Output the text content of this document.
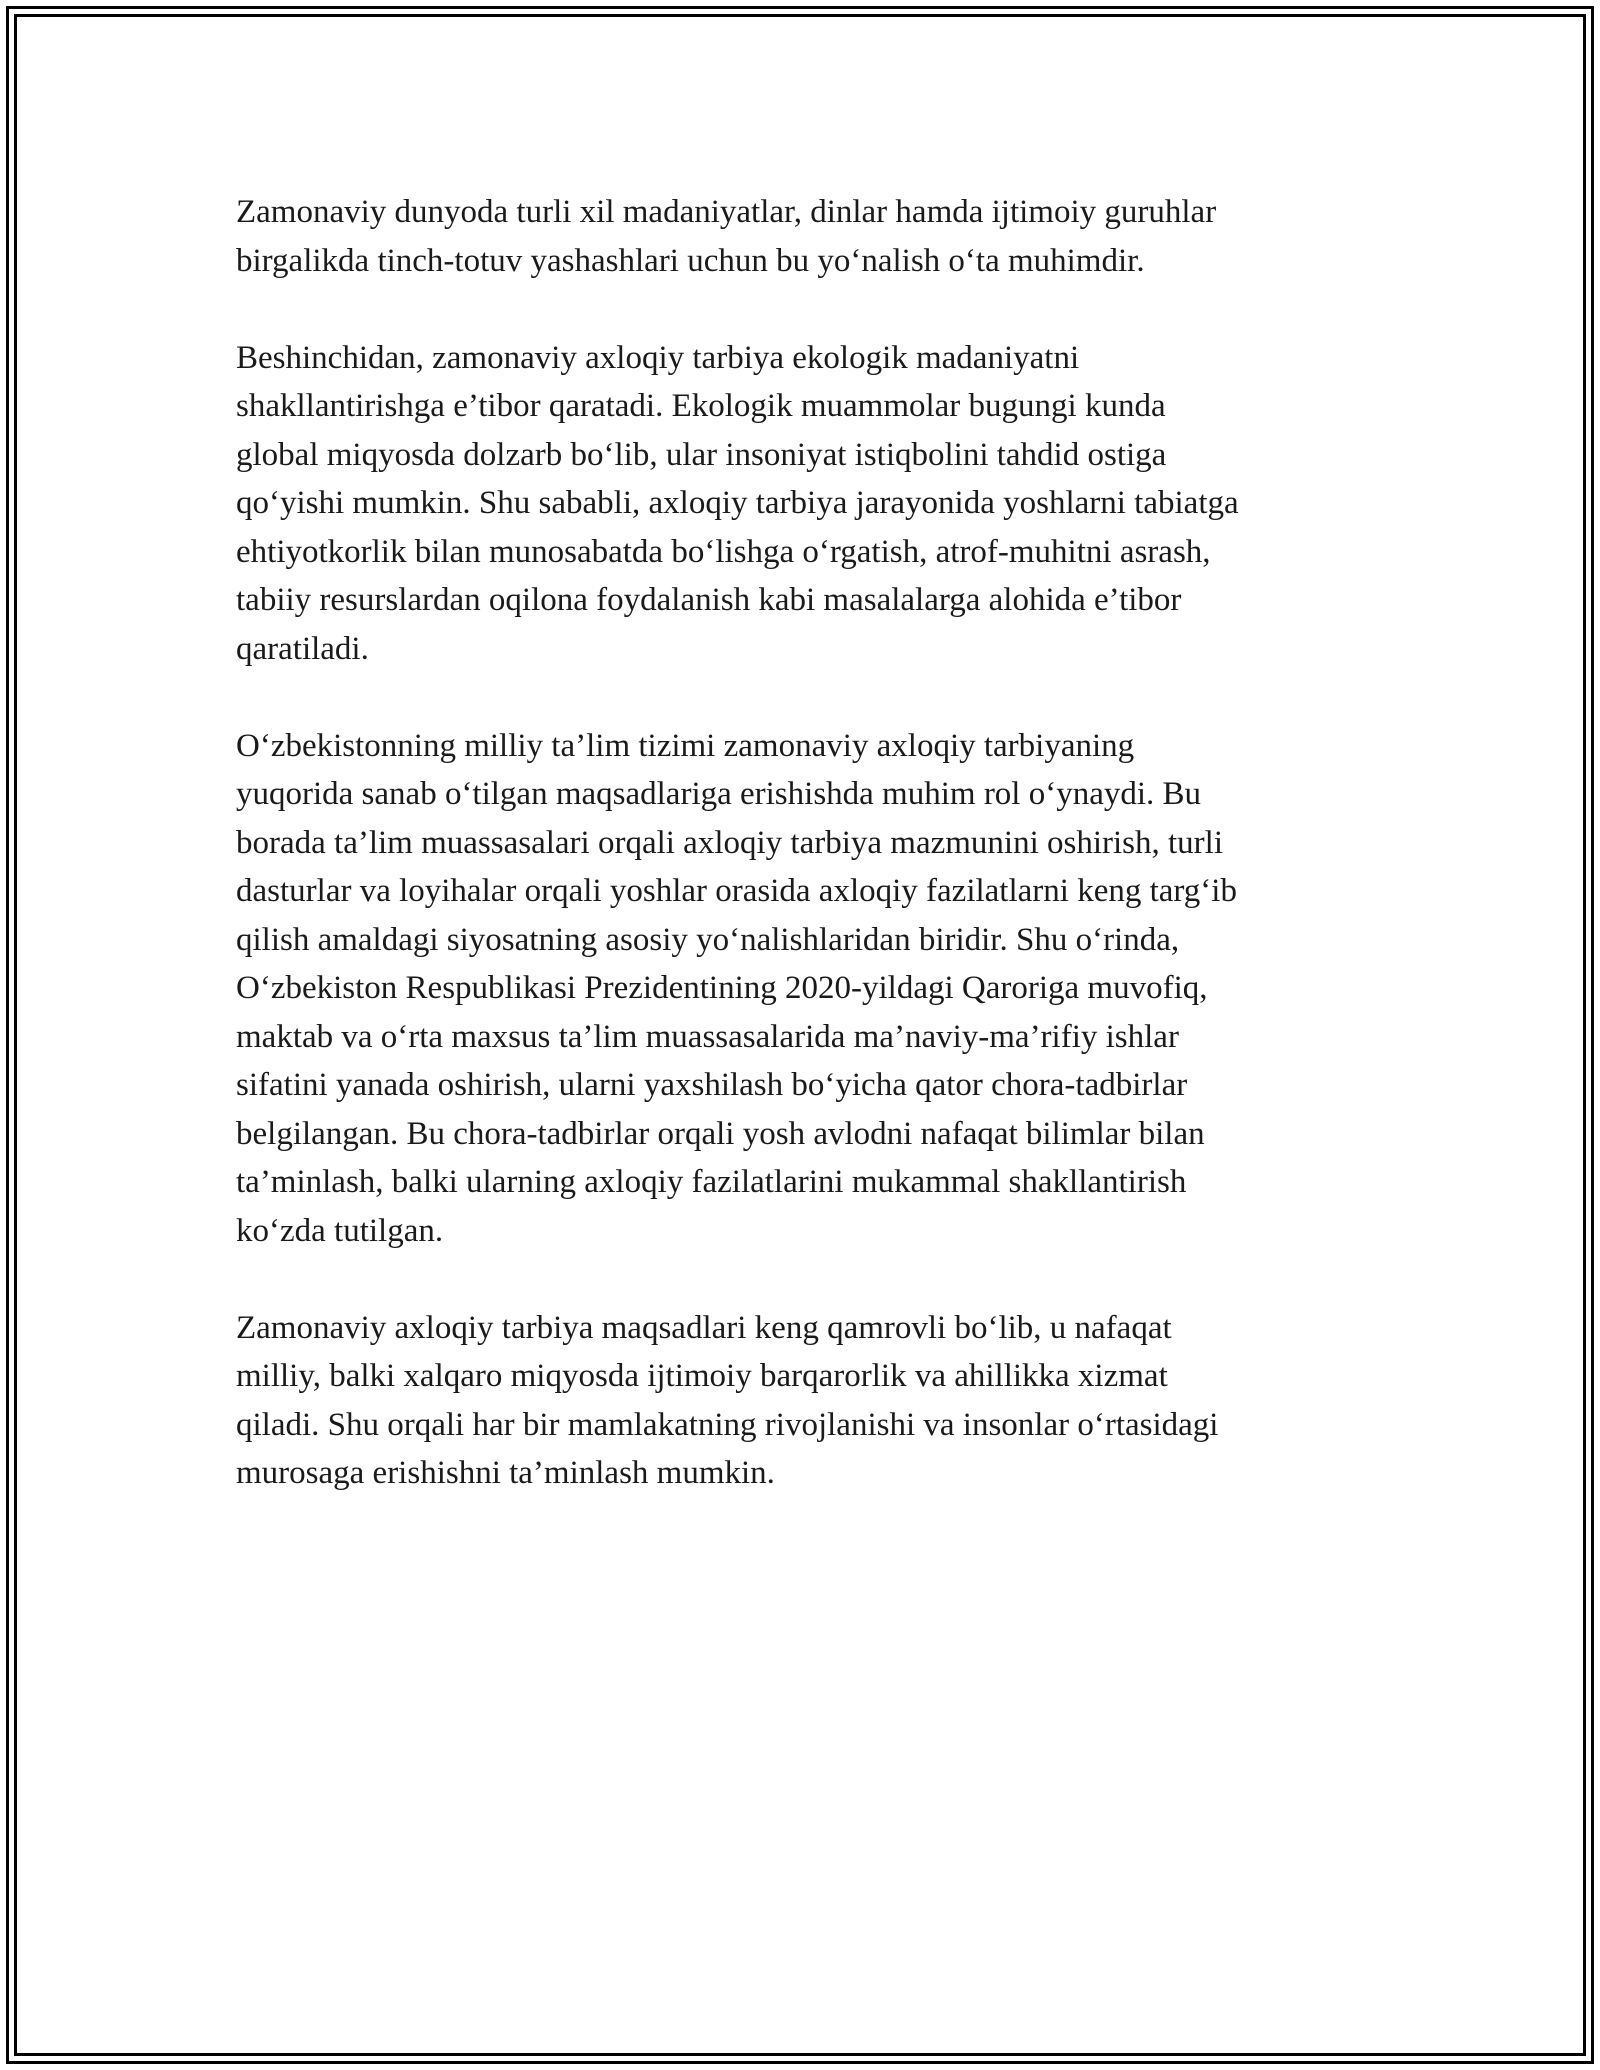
Zamonaviy dunyoda turli xil madaniyatlar, dinlar hamda ijtimoiy guruhlar
birgalikda tinch-totuv yashashlari uchun bu yo‘nalish o‘ta muhimdir.

Beshinchidan, zamonaviy axloqiy tarbiya ekologik madaniyatni
shakllantirishga e’tibor qaratadi. Ekologik muammolar bugungi kunda
global miqyosda dolzarb bo‘lib, ular insoniyat istiqbolini tahdid ostiga
qo‘yishi mumkin. Shu sababli, axloqiy tarbiya jarayonida yoshlarni tabiatga
ehtiyotkorlik bilan munosabatda bo‘lishga o‘rgatish, atrof-muhitni asrash,
tabiiy resurslardan oqilona foydalanish kabi masalalarga alohida e’tibor
qaratiladi.

O‘zbekistonning milliy ta’lim tizimi zamonaviy axloqiy tarbiyaning
yuqorida sanab o‘tilgan maqsadlariga erishishda muhim rol o‘ynaydi. Bu
borada ta’lim muassasalari orqali axloqiy tarbiya mazmunini oshirish, turli
dasturlar va loyihalar orqali yoshlar orasida axloqiy fazilatlarni keng targ‘ib
qilish amaldagi siyosatning asosiy yo‘nalishlaridan biridir. Shu o‘rinda,
O‘zbekiston Respublikasi Prezidentining 2020-yildagi Qaroriga muvofiq,
maktab va o‘rta maxsus ta’lim muassasalarida ma’naviy-ma’rifiy ishlar
sifatini yanada oshirish, ularni yaxshilash bo‘yicha qator chora-tadbirlar
belgilangan. Bu chora-tadbirlar orqali yosh avlodni nafaqat bilimlar bilan
ta’minlash, balki ularning axloqiy fazilatlarini mukammal shakllantirish
ko‘zda tutilgan.

Zamonaviy axloqiy tarbiya maqsadlari keng qamrovli bo‘lib, u nafaqat
milliy, balki xalqaro miqyosda ijtimoiy barqarorlik va ahillikka xizmat
qiladi. Shu orqali har bir mamlakatning rivojlanishi va insonlar o‘rtasidagi
murosaga erishishni ta’minlash mumkin.
